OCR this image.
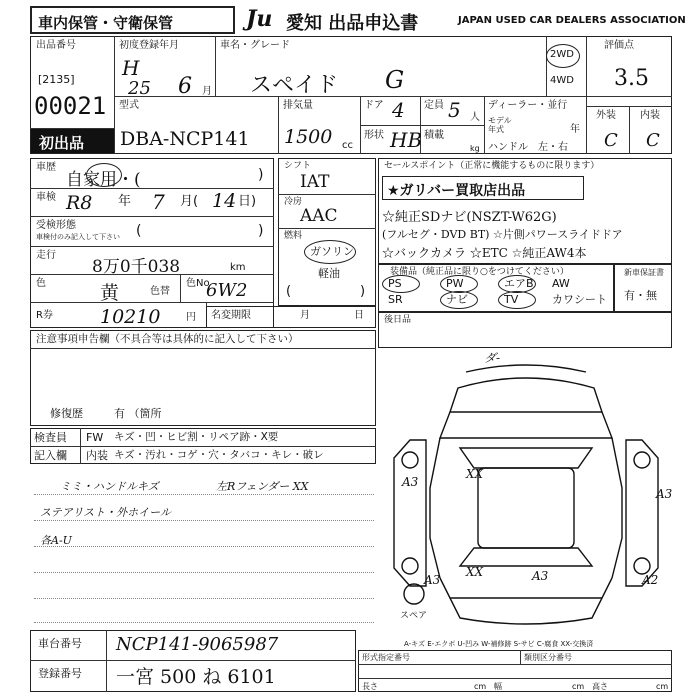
車内保管・守衛保管	Ju 愛知 出品申込書	JAPAN USED CAR DEALERS ASSOCIATION
出品番号
[2135]
00021
初出品
初度登録年月
H
25 6 月
車名・グレード
スペイド G
2WD
4WD
評価点
3.5
型式
DBA-NCP141
排気量
1500 cc
ドア 4 定員 5 人
形状 HB 積載
kg
ディーラー・並行
モデル年式	年
ハンドル 左・右
外装 内装
C C
車歴
自家用・(	)
車検 R8 年 7 月( 14 日)
受検形態
車検付のみ記入して下さい (	)
走行
8万0千038	km
色	黄	色替
色No
6W2
R券 10210	円 名変期限	月	日
シフト
IAT
冷房
AAC
燃料
ガソリン
軽油
(	)
セールスポイント（正常に機能するものに限ります）
★ガリバー買取店出品
☆純正SDナビ(NSZT-W62G)
(フルセグ・DVD BT) ☆片側パワースライドドア
☆バックカメラ ☆ETC ☆純正AW4本
装備品（純正品に限り○をつけてください）
PS	PW	エアB AW
SR	ナビ	TV	カワシート
新車保証書
有・無
後日品
注意事項申告欄（不具合等は具体的に記入して下さい）
修復歴	有 （箇所
検査員
記入欄
FW キズ・凹・ヒビ割・リペア跡・X要
内装 キズ・汚れ・コゲ・穴・タバコ・キレ・破レ
ミミ・ハンドルキズ	左Rフェンダー XX
ステアリスト・外ホイール
各A-U
ダ-
A3
XX
A3
A3
XX	A3	A2
スペア
A-キズ E-エクボ U-凹み W-補修跡 S-サビ C-腐食 XX-交換済
車台番号 NCP141-9065987
登録番号 一宮 500 ね 6101
形式指定番号	類別区分番号
長さ	cm 幅	cm 高さ	cm
